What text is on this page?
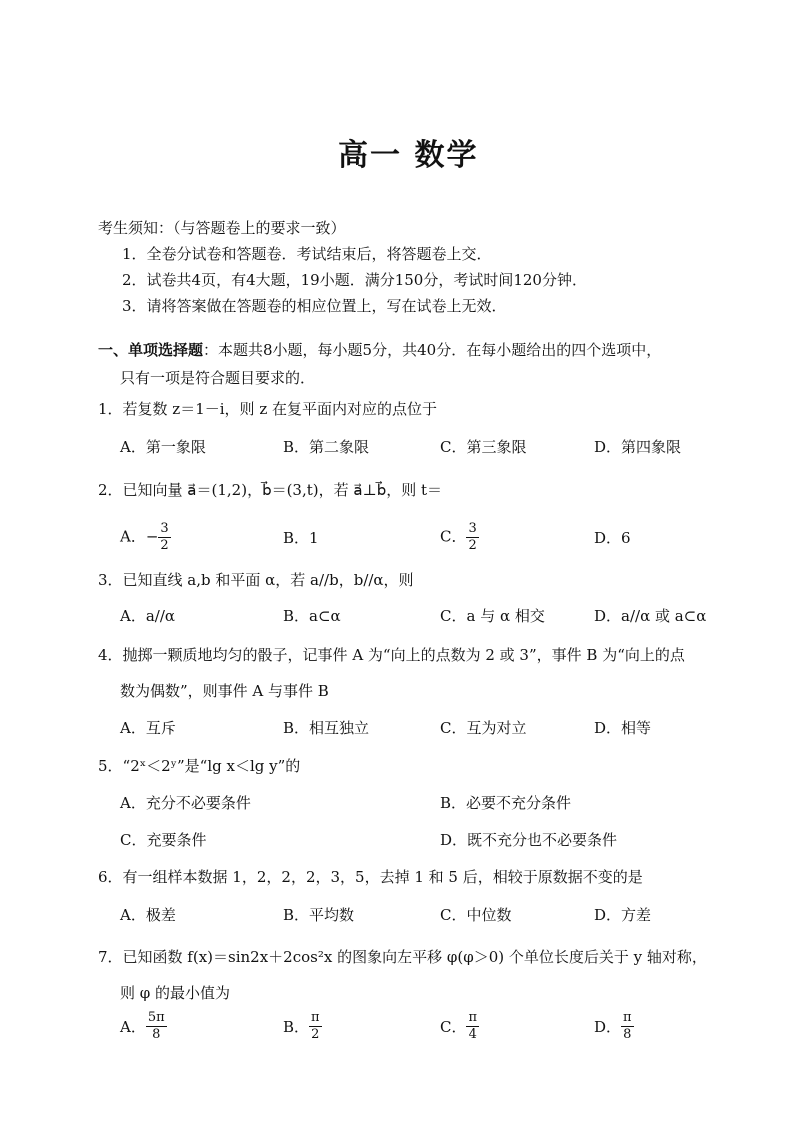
高一 数学
考生须知：（与答题卷上的要求一致）
1．全卷分试卷和答题卷．考试结束后，将答题卷上交．
2．试卷共4页，有4大题，19小题．满分150分，考试时间120分钟．
3．请将答案做在答题卷的相应位置上，写在试卷上无效．
一、单项选择题：本题共8小题，每小题5分，共40分．在每小题给出的四个选项中，
只有一项是符合题目要求的．
1．若复数 z＝1－i，则 z 在复平面内对应的点位于
A．第一象限	B．第二象限	C．第三象限	D．第四象限
2．已知向量 a⃗＝(1,2)，b⃗＝(3,t)，若 a⃗⊥b⃗，则 t＝
A．− $\frac{3}{2}$	B．1	C． $\frac{3}{2}$	D．6
3．已知直线 a,b 和平面 α，若 a//b，b//α，则
A．a//α	B．a⊂α	C．a 与 α 相交	D．a//α 或 a⊂α
4．抛掷一颗质地均匀的骰子，记事件 A 为“向上的点数为 2 或 3”，事件 B 为“向上的点
数为偶数”，则事件 A 与事件 B
A．互斥	B．相互独立	C．互为对立	D．相等
5．“2ˣ＜2ʸ”是“lg x＜lg y”的
A．充分不必要条件	B．必要不充分条件
C．充要条件	D．既不充分也不必要条件
6．有一组样本数据 1，2，2，2，3，5，去掉 1 和 5 后，相较于原数据不变的是
A．极差	B．平均数	C．中位数	D．方差
7．已知函数 f(x)＝sin2x＋2cos²x 的图象向左平移 φ(φ＞0) 个单位长度后关于 y 轴对称，
则 φ 的最小值为
A． $\frac{5\pi}{8}$	B． $\frac{\pi}{2}$	C． $\frac{\pi}{4}$	D． $\frac{\pi}{8}$
